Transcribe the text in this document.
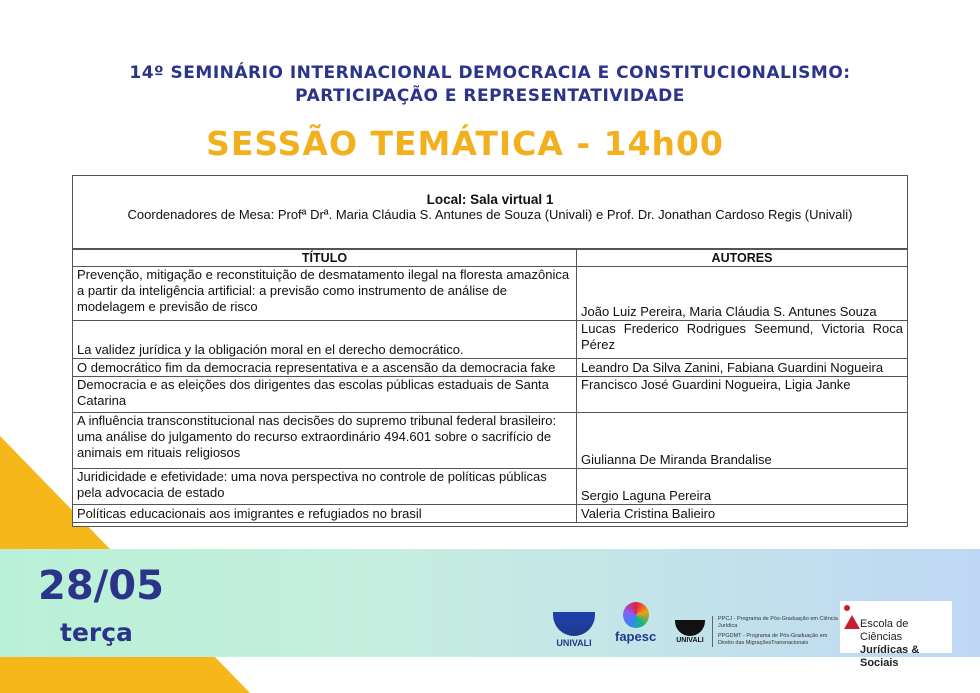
14º SEMINÁRIO INTERNACIONAL DEMOCRACIA E CONSTITUCIONALISMO:
PARTICIPAÇÃO E REPRESENTATIVIDADE
SESSÃO TEMÁTICA - 14h00
Local: Sala virtual 1
Coordenadores de Mesa: Profª Drª. Maria Cláudia S. Antunes de Souza (Univali) e Prof. Dr. Jonathan Cardoso Regis (Univali)
TÍTULO	AUTORES
Prevenção, mitigação e reconstituição de desmatamento ilegal na floresta amazônica a partir da inteligência artificial: a previsão como instrumento de análise de modelagem e previsão de risco	João Luiz Pereira, Maria Cláudia S. Antunes Souza
La validez jurídica y la obligación moral en el derecho democrático.	Lucas Frederico Rodrigues Seemund, Victoria Roca Pérez
O democrático fim da democracia representativa e a ascensão da democracia fake	Leandro Da Silva Zanini, Fabiana Guardini Nogueira
Democracia e as eleições dos dirigentes das escolas públicas estaduais de Santa Catarina	Francisco José Guardini Nogueira, Ligia Janke
A influência transconstitucional nas decisões do supremo tribunal federal brasileiro: uma análise do julgamento do recurso extraordinário 494.601 sobre o sacrifício de animais em rituais religiosos	Giulianna De Miranda Brandalise
Juridicidade e efetividade: uma nova perspectiva no controle de políticas públicas pela advocacia de estado	Sergio Laguna Pereira
Políticas educacionais aos imigrantes e refugiados no brasil	Valeria Cristina Balieiro
28/05
terça	UNIVALI fapesc	UNIVALI
PPCJ - Programa de Pós-Graduação em Ciência Jurídica
PPGDMT - Programa de Pós-Graduação em Direito das MigraçõesTransnacionais
Escola de Ciências
Jurídicas & Sociais
